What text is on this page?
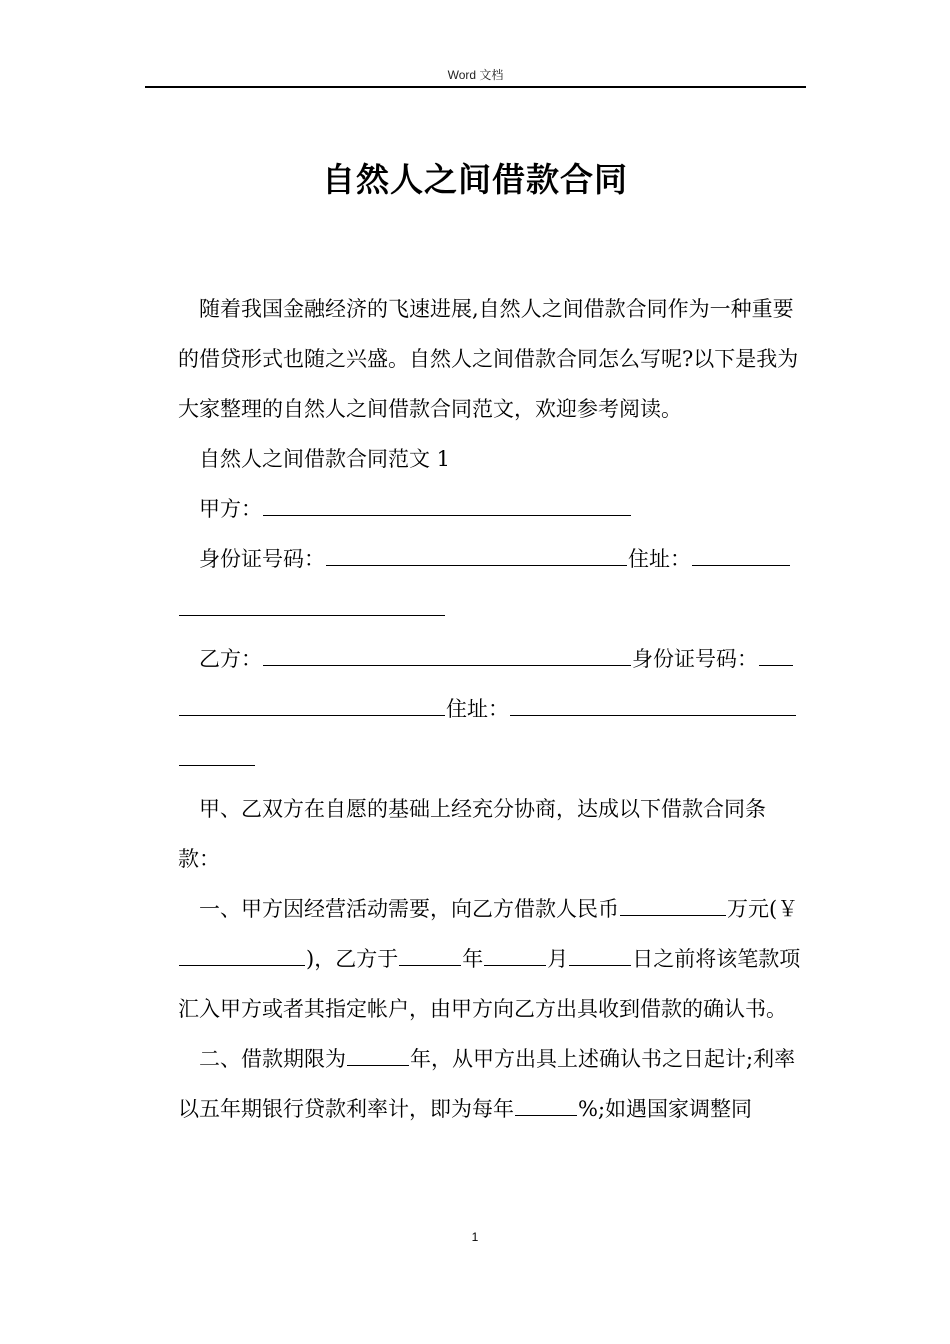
Word 文档
自然人之间借款合同

随着我国金融经济的飞速进展,自然人之间借款合同作为一种重要的借贷形式也随之兴盛。自然人之间借款合同怎么写呢?以下是我为大家整理的自然人之间借款合同范文，欢迎参考阅读。

自然人之间借款合同范文 1

甲方：

身份证号码：	住址：

乙方：	身份证号码：住址：

甲、乙双方在自愿的基础上经充分协商，达成以下借款合同条款：

一、甲方因经营活动需要，向乙方借款人民币	万元(￥)，乙方于	年	月	日之前将该笔款项汇入甲方或者其指定帐户，由甲方向乙方出具收到借款的确认书。

二、借款期限为	年，从甲方出具上述确认书之日起计;利率以五年期银行贷款利率计，即为每年	%;如遇国家调整同

1
